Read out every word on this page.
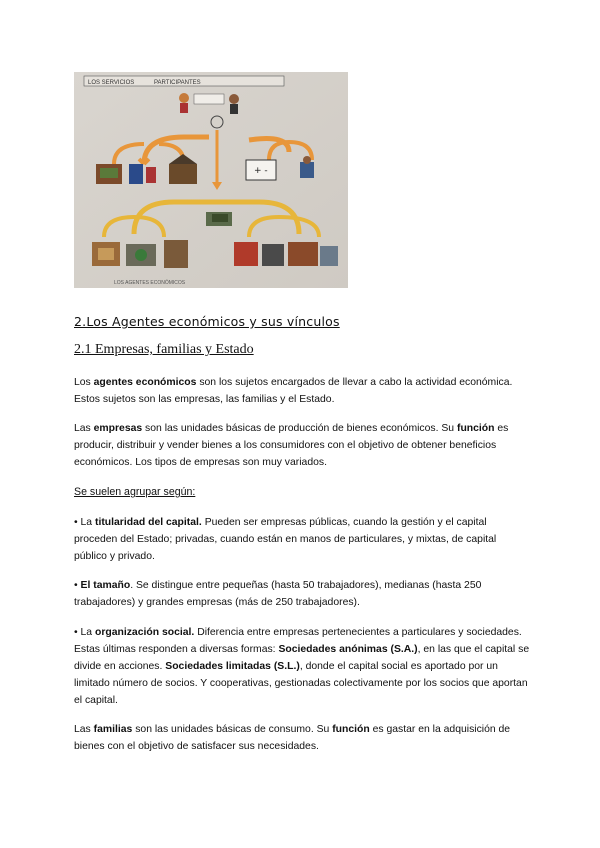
LOS SERVICIOS	PARTICIPANTES
+ -
LOS AGENTES ECONÓMICOS
2.Los Agentes económicos y sus vínculos
2.1 Empresas, familias y Estado

Los agentes económicos son los sujetos encargados de llevar a cabo la actividad económica. Estos sujetos son las empresas, las familias y el Estado.

Las empresas son las unidades básicas de producción de bienes económicos. Su función es producir, distribuir y vender bienes a los consumidores con el objetivo de obtener beneficios económicos. Los tipos de empresas son muy variados.

Se suelen agrupar según:

• La titularidad del capital. Pueden ser empresas públicas, cuando la gestión y el capital proceden del Estado; privadas, cuando están en manos de particulares, y mixtas, de capital público y privado.

• El tamaño. Se distingue entre pequeñas (hasta 50 trabajadores), medianas (hasta 250 trabajadores) y grandes empresas (más de 250 trabajadores).

• La organización social. Diferencia entre empresas pertenecientes a particulares y sociedades. Estas últimas responden a diversas formas: Sociedades anónimas (S.A.), en las que el capital se divide en acciones. Sociedades limitadas (S.L.), donde el capital social es aportado por un limitado número de socios. Y cooperativas, gestionadas colectivamente por los socios que aportan el capital.

Las familias son las unidades básicas de consumo. Su función es gastar en la adquisición de bienes con el objetivo de satisfacer sus necesidades.
